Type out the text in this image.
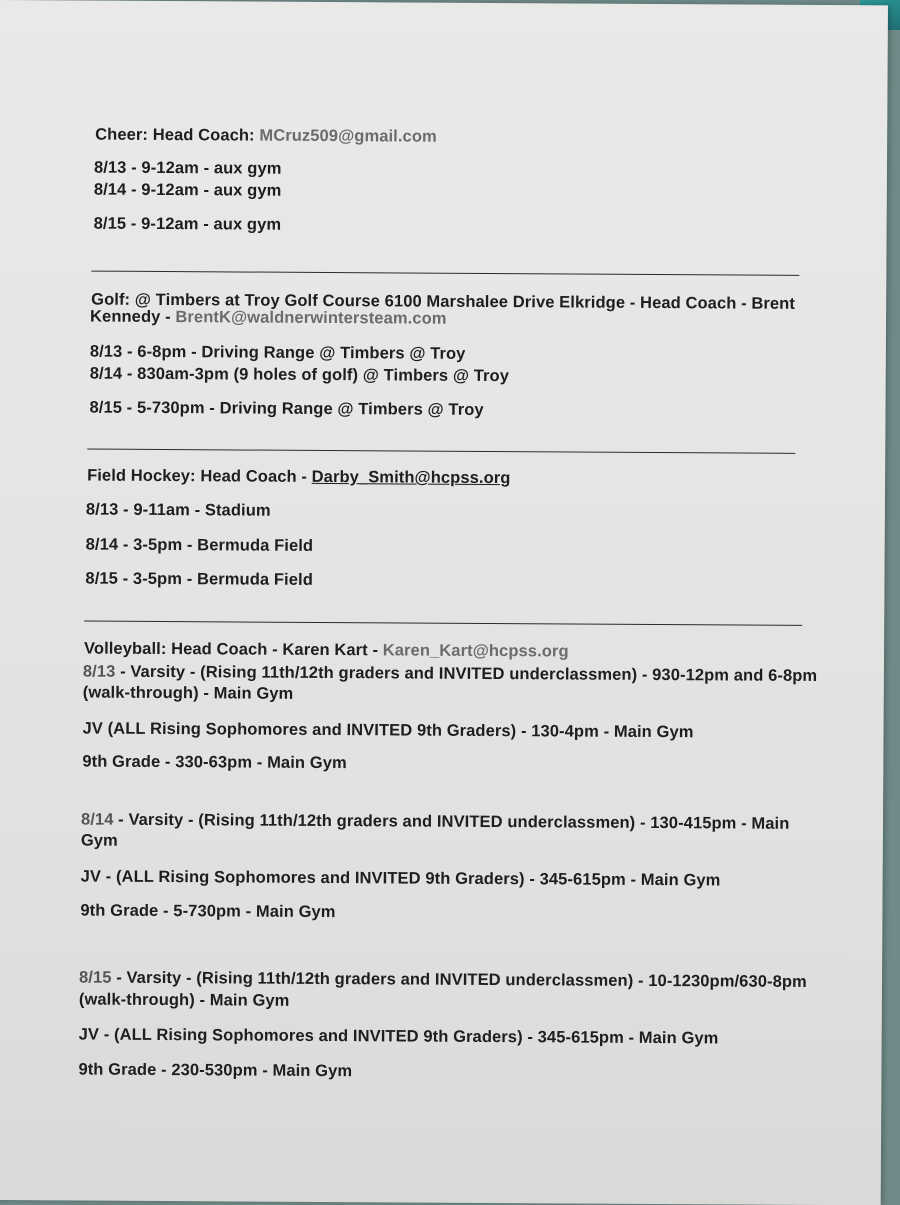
Cheer: Head Coach: MCruz509@gmail.com

8/13 - 9-12am - aux gym

8/14 - 9-12am - aux gym

8/15 - 9-12am - aux gym

Golf: @ Timbers at Troy Golf Course 6100 Marshalee Drive Elkridge - Head Coach - Brent

Kennedy - BrentK@waldnerwintersteam.com

8/13 - 6-8pm - Driving Range @ Timbers @ Troy

8/14 - 830am-3pm (9 holes of golf) @ Timbers @ Troy

8/15 - 5-730pm - Driving Range @ Timbers @ Troy

Field Hockey: Head Coach - Darby_Smith@hcpss.org

8/13 - 9-11am - Stadium

8/14 - 3-5pm - Bermuda Field

8/15 - 3-5pm - Bermuda Field

Volleyball: Head Coach - Karen Kart - Karen_Kart@hcpss.org

8/13 - Varsity - (Rising 11th/12th graders and INVITED underclassmen) - 930-12pm and 6-8pm

(walk-through) - Main Gym

JV (ALL Rising Sophomores and INVITED 9th Graders) - 130-4pm - Main Gym

9th Grade - 330-63pm - Main Gym

8/14 - Varsity - (Rising 11th/12th graders and INVITED underclassmen) - 130-415pm - Main

Gym

JV - (ALL Rising Sophomores and INVITED 9th Graders) - 345-615pm - Main Gym

9th Grade - 5-730pm - Main Gym

8/15 - Varsity - (Rising 11th/12th graders and INVITED underclassmen) - 10-1230pm/630-8pm

(walk-through) - Main Gym

JV - (ALL Rising Sophomores and INVITED 9th Graders) - 345-615pm - Main Gym

9th Grade - 230-530pm - Main Gym
